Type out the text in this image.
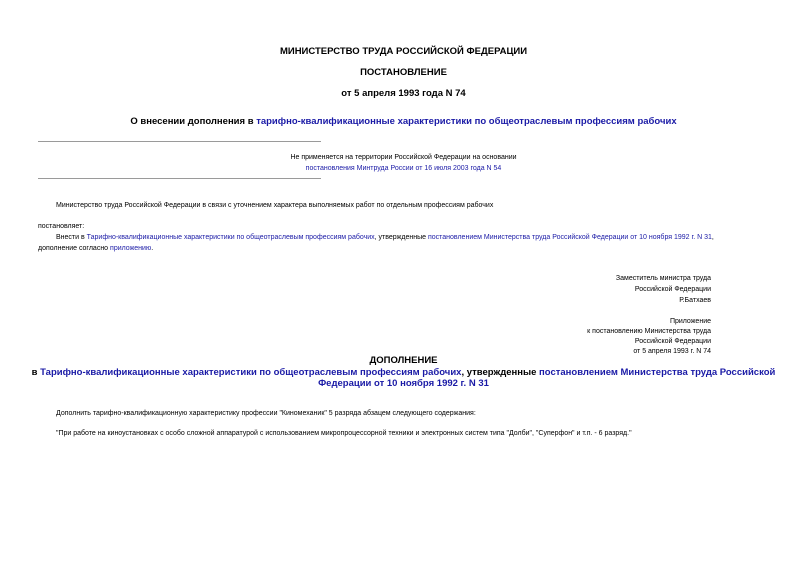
МИНИСТЕРСТВО ТРУДА РОССИЙСКОЙ ФЕДЕРАЦИИ
ПОСТАНОВЛЕНИЕ
от 5 апреля 1993 года N 74
О внесении дополнения в тарифно-квалификационные характеристики по общеотраслевым профессиям рабочих
Не применяется на территории Российской Федерации на основании
постановления Минтруда России от 16 июля 2003 года N 54
Министерство труда Российской Федерации в связи с уточнением характера выполняемых работ по отдельным профессиям рабочих
постановляет:
Внести в Тарифно-квалификационные характеристики по общеотраслевым профессиям рабочих, утвержденные постановлением Министерства труда Российской Федерации от 10 ноября 1992 г. N 31,
дополнение согласно приложению.
Заместитель министра труда
Российской Федерации
Р.Батхаев
Приложение
к постановлению Министерства труда
Российской Федерации
от 5 апреля 1993 г. N 74
ДОПОЛНЕНИЕ
в Тарифно-квалификационные характеристики по общеотраслевым профессиям рабочих, утвержденные постановлением Министерства труда Российской
Федерации от 10 ноября 1992 г. N 31
Дополнить тарифно-квалификационную характеристику профессии "Киномеханик" 5 разряда абзацем следующего содержания:
"При работе на киноустановках с особо сложной аппаратурой с использованием микропроцессорной техники и электронных систем типа "Долби", "Суперфон" и т.п. - 6 разряд."
